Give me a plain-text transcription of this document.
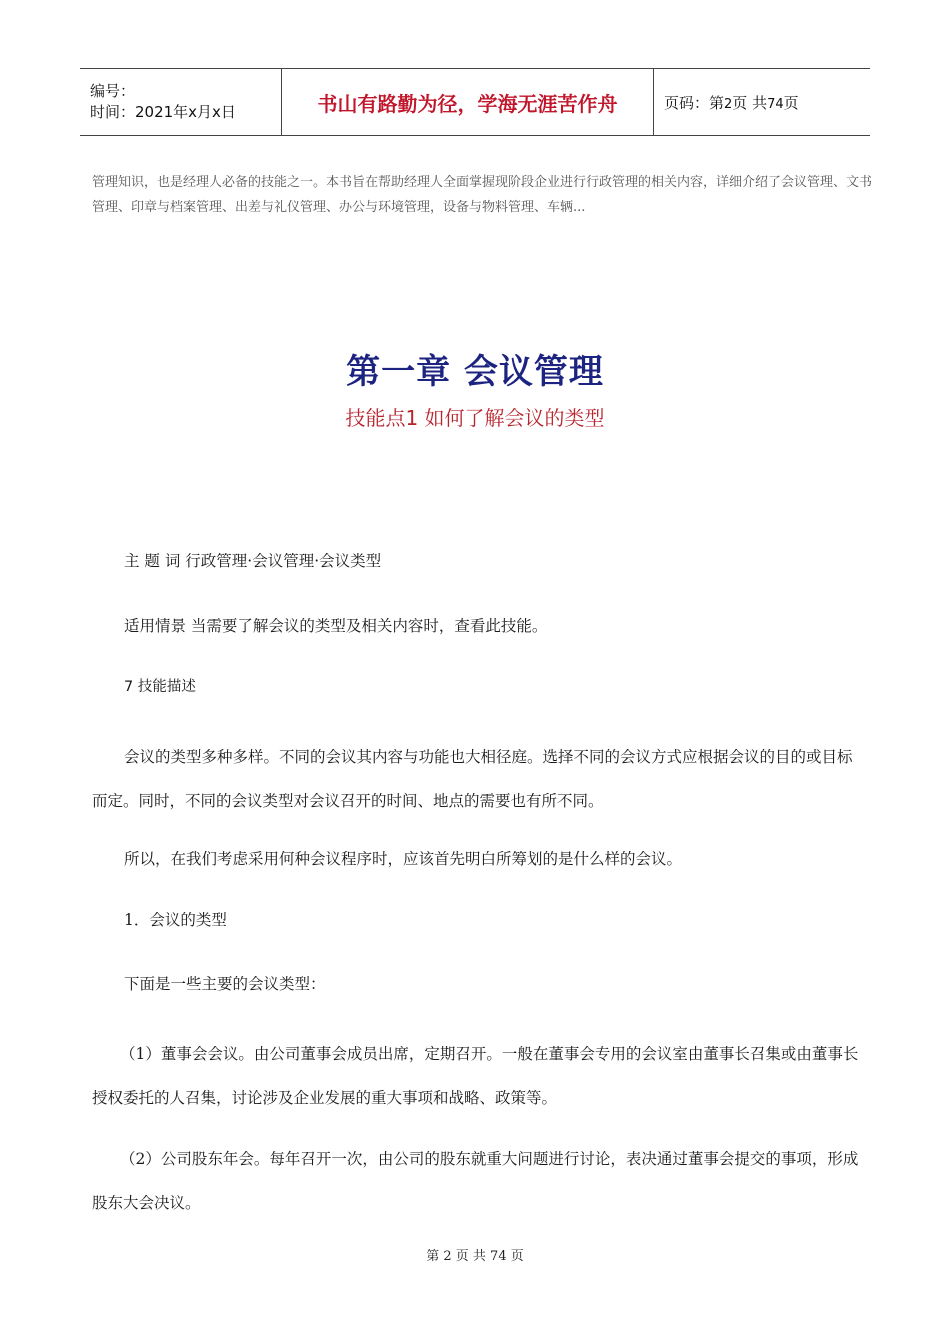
编号：
时间：2021年x月x日	书山有路勤为径，学海无涯苦作舟	页码：第2页 共74页
管理知识，也是经理人必备的技能之一。本书旨在帮助经理人全面掌握现阶段企业进行行政管理的相关内容，详细介绍了会议管理、文书管理、印章与档案管理、出差与礼仪管理、办公与环境管理，设备与物料管理、车辆...
第一章 会议管理
技能点1 如何了解会议的类型
主 题 词 行政管理·会议管理·会议类型
适用情景 当需要了解会议的类型及相关内容时，查看此技能。
7 技能描述
会议的类型多种多样。不同的会议其内容与功能也大相径庭。选择不同的会议方式应根据会议的目的或目标而定。同时，不同的会议类型对会议召开的时间、地点的需要也有所不同。
所以，在我们考虑采用何种会议程序时，应该首先明白所筹划的是什么样的会议。
1．会议的类型
下面是一些主要的会议类型：
（1）董事会会议。由公司董事会成员出席，定期召开。一般在董事会专用的会议室由董事长召集或由董事长授权委托的人召集，讨论涉及企业发展的重大事项和战略、政策等。
（2）公司股东年会。每年召开一次，由公司的股东就重大问题进行讨论，表决通过董事会提交的事项，形成股东大会决议。
第 2 页 共 74 页
